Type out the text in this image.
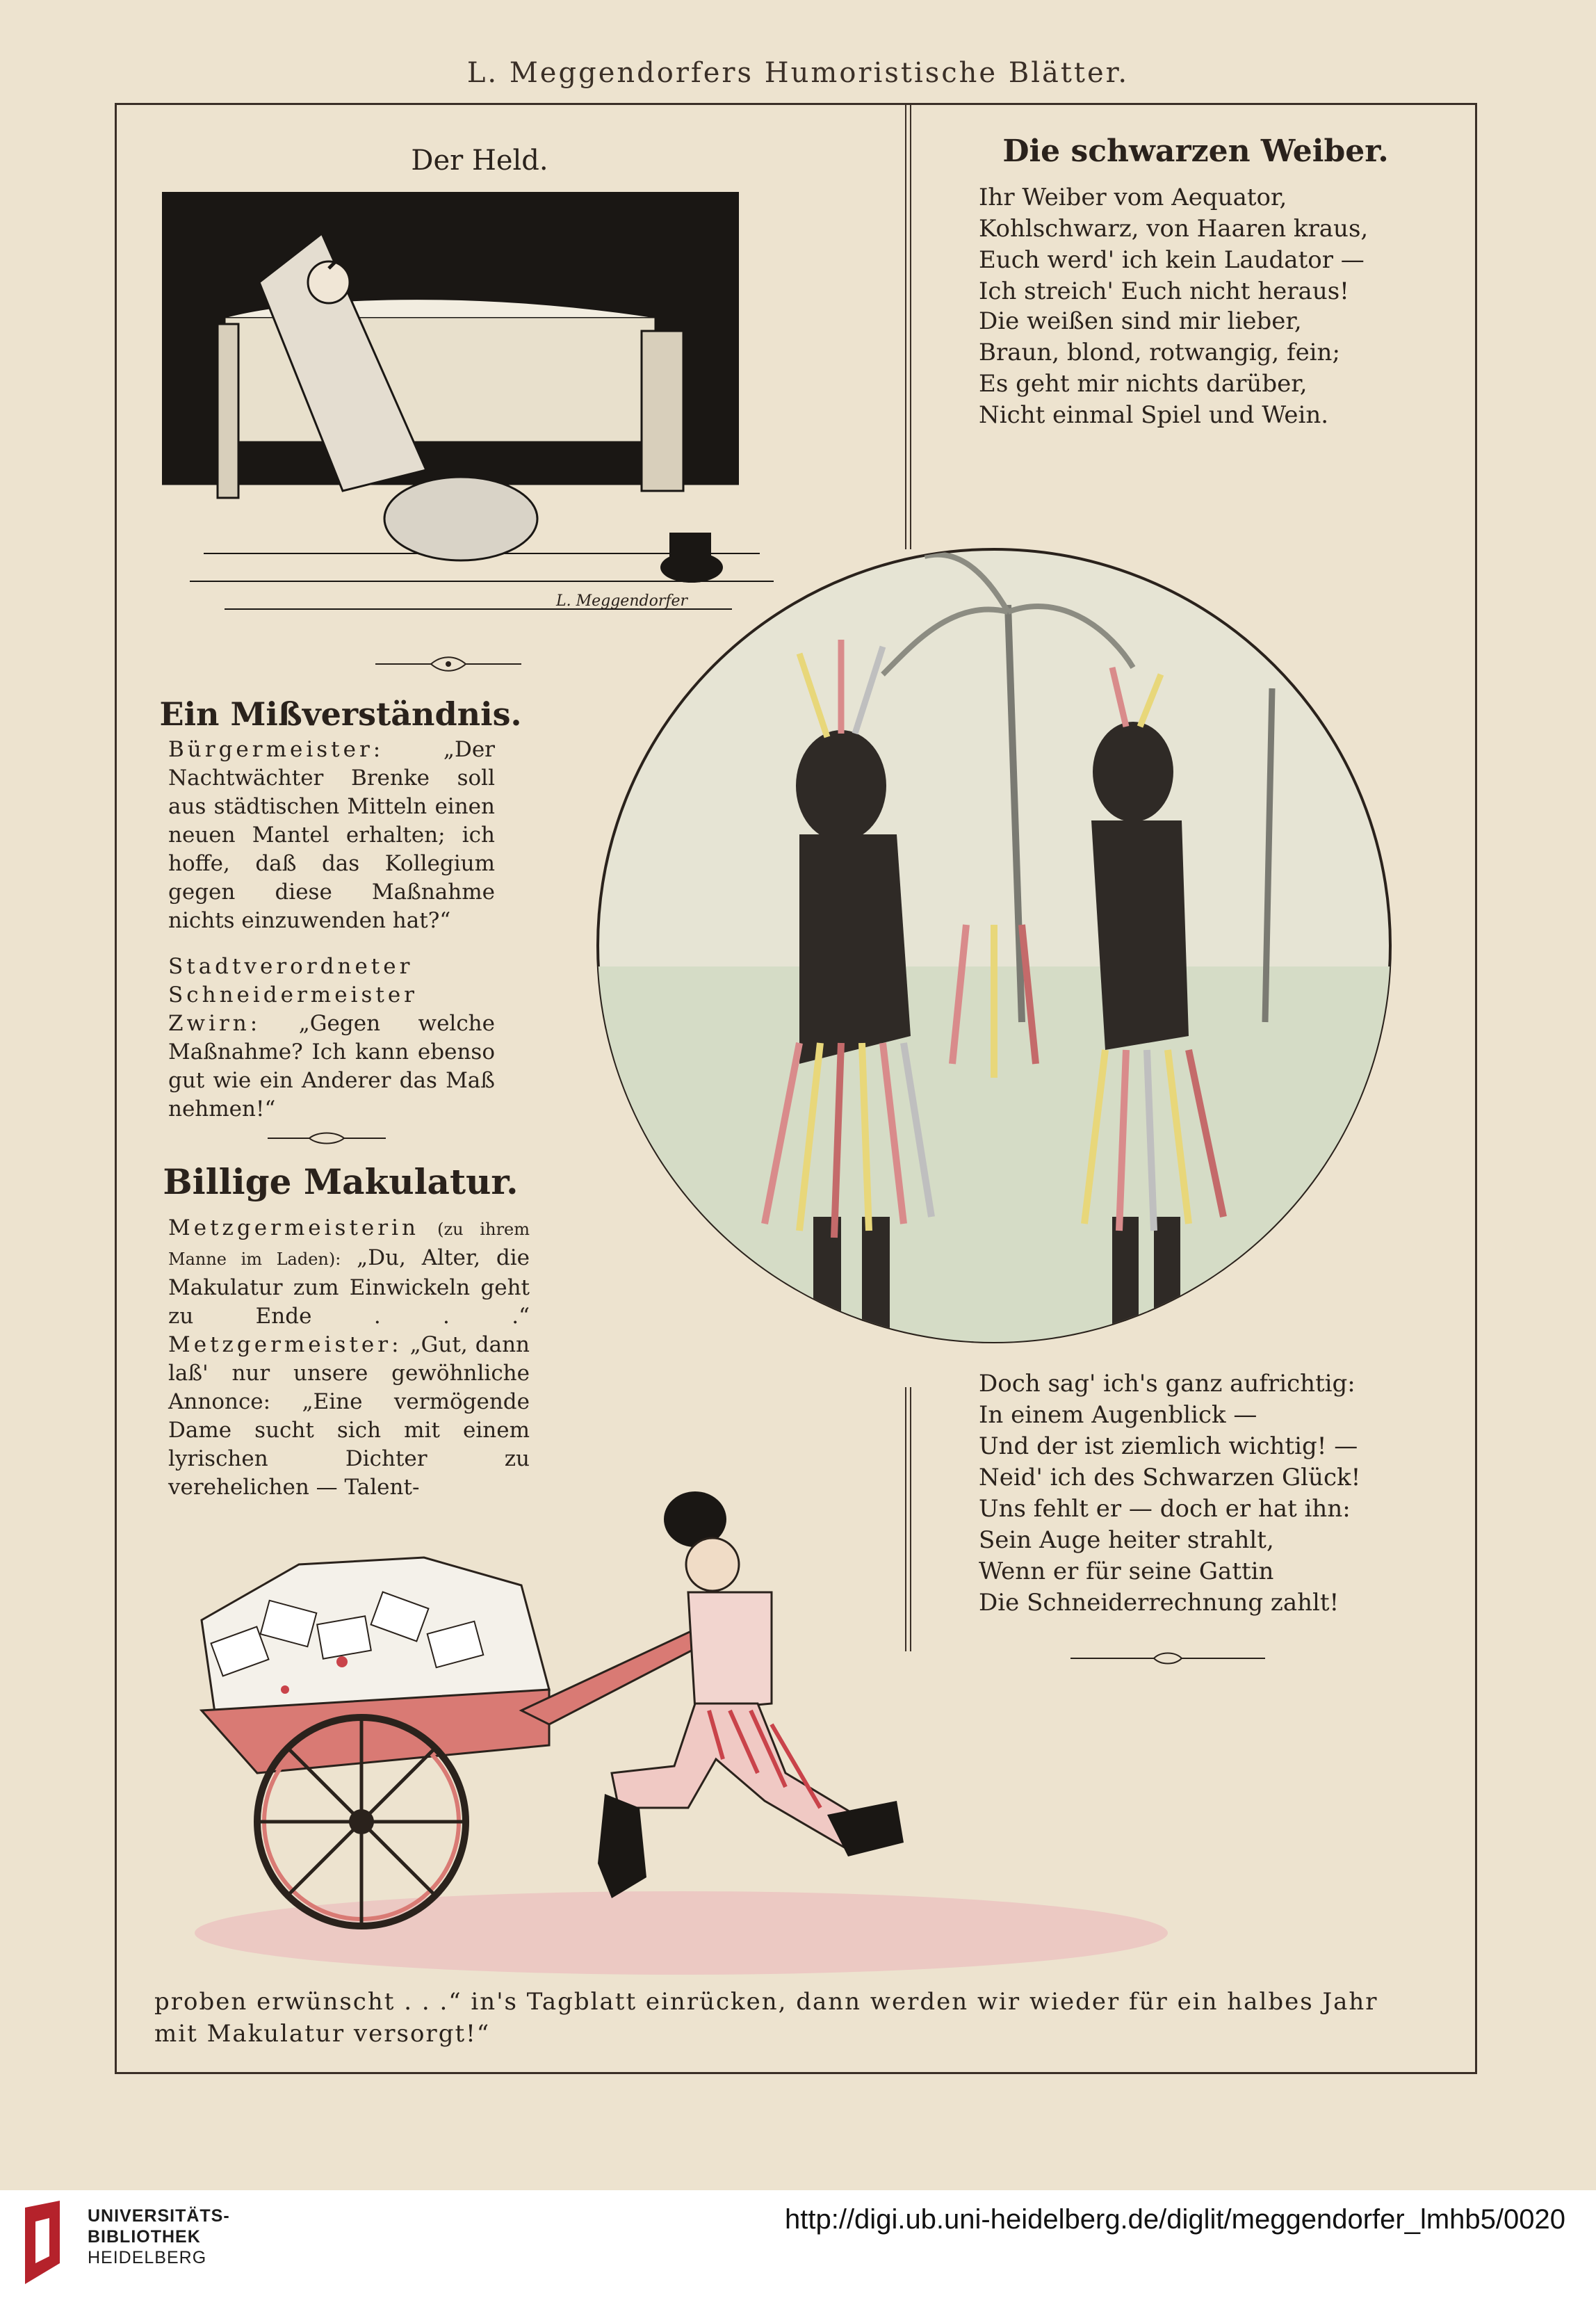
L. Meggendorfers Humoristische Blätter.
Der Held.
L. Meggendorfer
Die schwarzen Weiber.
Ihr Weiber vom Aequator,
Kohlschwarz, von Haaren kraus,
Euch werd' ich kein Laudator —
Ich streich' Euch nicht heraus!
Die weißen sind mir lieber,
Braun, blond, rotwangig, fein;
Es geht mir nichts darüber,
Nicht einmal Spiel und Wein.
Doch sag' ich's ganz aufrichtig:
In einem Augenblick —
Und der ist ziemlich wichtig! —
Neid' ich des Schwarzen Glück!
Uns fehlt er — doch er hat ihn:
Sein Auge heiter strahlt,
Wenn er für seine Gattin
Die Schneiderrechnung zahlt!
Ein Mißverständnis.
Bürgermeister:	„Der Nachtwächter Brenke soll aus städtischen Mitteln einen neuen Mantel erhalten; ich hoffe, daß das Kollegium gegen diese Maßnahme nichts einzuwenden hat?“
Stadtverordneter Schneidermeister Zwirn: „Gegen welche Maßnahme? Ich kann ebenso gut wie ein Anderer das Maß nehmen!“
Billige Makulatur.
Metzgermeisterin (zu ihrem Manne im Laden): „Du, Alter, die Makulatur zum Einwickeln geht zu Ende . . .“ Metzgermeister: „Gut, dann laß' nur unsere gewöhnliche Annonce: „Eine vermögende Dame sucht sich mit einem lyrischen Dichter zu verehelichen — Talent-
proben erwünscht . . .“ in's Tagblatt einrücken, dann werden wir wieder für ein halbes Jahr mit Makulatur versorgt!“
UNIVERSITÄTS-
BIBLIOTHEK
HEIDELBERG
http://digi.ub.uni-heidelberg.de/diglit/meggendorfer_lmhb5/0020
